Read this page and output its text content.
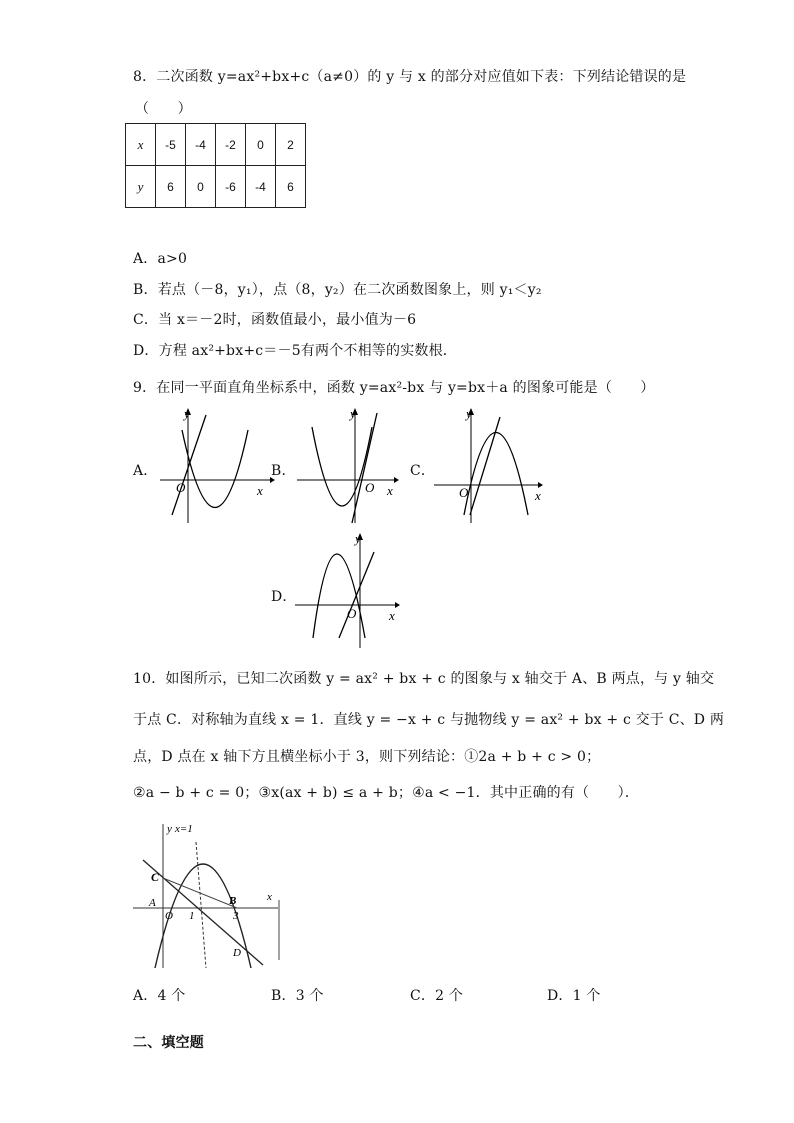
8．二次函数 y=ax²+bx+c（a≠0）的 y 与 x 的部分对应值如下表：下列结论错误的是
（　　）
x	-5	-4	-2	0	2
y	6	0	-6	-4	6
A．a>0
B．若点（－8，y₁），点（8，y₂）在二次函数图象上，则 y₁＜y₂
C．当 x＝－2时，函数值最小，最小值为－6
D．方程 ax²+bx+c＝－5有两个不相等的实数根．
9．在同一平面直角坐标系中，函数 y=ax²-bx 与 y=bx＋a 的图象可能是（　　）
A．
x
y
O
B．
x
y
O
C．
x
y
O
D．
x
y
O
10．如图所示，已知二次函数 y = ax² + bx + c 的图象与 x 轴交于 A、B 两点，与 y 轴交
于点 C．对称轴为直线 x = 1．直线 y = −x + c 与抛物线 y = ax² + bx + c 交于 C、D 两
点，D 点在 x 轴下方且横坐标小于 3，则下列结论：①2a + b + c > 0；
②a − b + c = 0；③x(ax + b) ≤ a + b；④a < −1．其中正确的有（　　）．
x=1
y
x
C
A
O 1
B
3
D
A．4 个	B．3 个	C．2 个	D．1 个
二、填空题
